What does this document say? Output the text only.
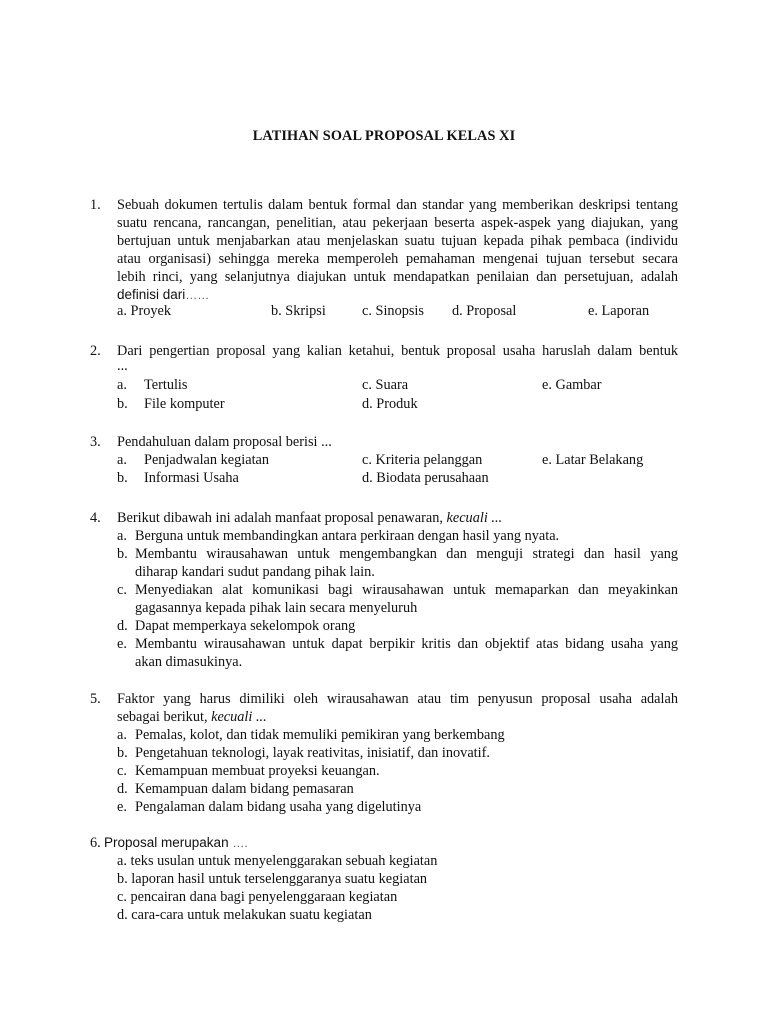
LATIHAN SOAL PROPOSAL KELAS XI
1. Sebuah dokumen tertulis dalam bentuk formal dan standar yang memberikan deskripsi tentang
suatu rencana, rancangan, penelitian, atau pekerjaan beserta aspek-aspek yang diajukan, yang
bertujuan untuk menjabarkan atau menjelaskan suatu tujuan kepada pihak pembaca (individu
atau organisasi) sehingga mereka memperoleh pemahaman mengenai tujuan tersebut secara
lebih rinci, yang selanjutnya diajukan untuk mendapatkan penilaian dan persetujuan, adalah
definisi dari……
a. Proyek	b. Skripsi	c. Sinopsis d. Proposal	e. Laporan
2. Dari pengertian proposal yang kalian ketahui, bentuk proposal usaha haruslah dalam bentuk
...
a. Tertulis
b. File komputer
c. Suara
d. Produk
e. Gambar
3. Pendahuluan dalam proposal berisi ...
a. Penjadwalan kegiatan
b. Informasi Usaha
c. Kriteria pelanggan
d. Biodata perusahaan
e. Latar Belakang
4. Berikut dibawah ini adalah manfaat proposal penawaran, kecuali ...
a. Berguna untuk membandingkan antara perkiraan dengan hasil yang nyata.
b. Membantu wirausahawan untuk mengembangkan dan menguji strategi dan hasil yang
diharap kandari sudut pandang pihak lain.
c. Menyediakan alat komunikasi bagi wirausahawan untuk memaparkan dan meyakinkan
gagasannya kepada pihak lain secara menyeluruh
d. Dapat memperkaya sekelompok orang
e. Membantu wirausahawan untuk dapat berpikir kritis dan objektif atas bidang usaha yang
akan dimasukinya.
5. Faktor yang harus dimiliki oleh wirausahawan atau tim penyusun proposal usaha adalah
sebagai berikut, kecuali ...
a. Pemalas, kolot, dan tidak memuliki pemikiran yang berkembang
b. Pengetahuan teknologi, layak reativitas, inisiatif, dan inovatif.
c. Kemampuan membuat proyeksi keuangan.
d. Kemampuan dalam bidang pemasaran
e. Pengalaman dalam bidang usaha yang digelutinya
6. Proposal merupakan ….
a. teks usulan untuk menyelenggarakan sebuah kegiatan
b. laporan hasil untuk terselenggaranya suatu kegiatan
c. pencairan dana bagi penyelenggaraan kegiatan
d. cara-cara untuk melakukan suatu kegiatan
